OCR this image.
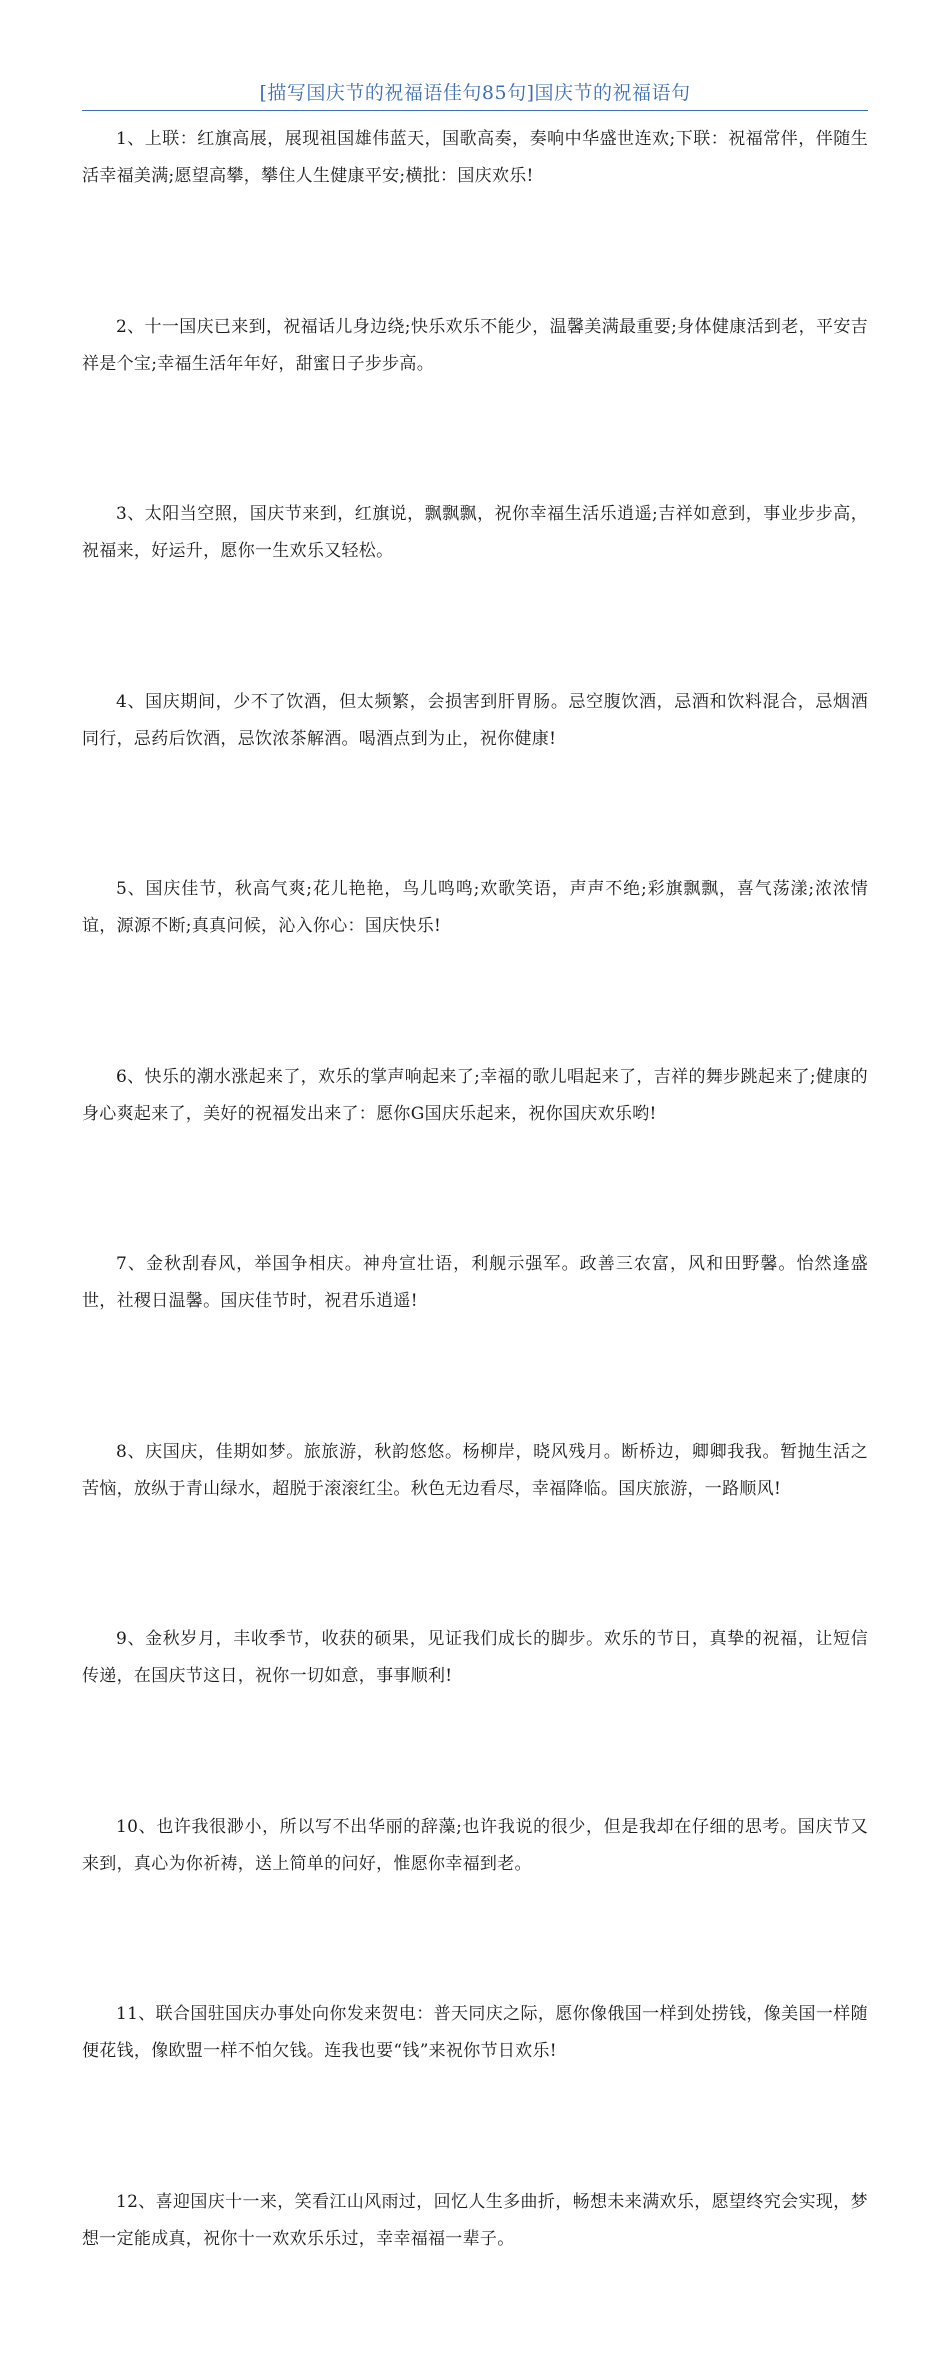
[描写国庆节的祝福语佳句85句]国庆节的祝福语句

1、上联：红旗高展，展现祖国雄伟蓝天，国歌高奏，奏响中华盛世连欢;下联：祝福常伴，伴随生活幸福美满;愿望高攀，攀住人生健康平安;横批：国庆欢乐!

2、十一国庆已来到，祝福话儿身边绕;快乐欢乐不能少，温馨美满最重要;身体健康活到老，平安吉祥是个宝;幸福生活年年好，甜蜜日子步步高。

3、太阳当空照，国庆节来到，红旗说，飘飘飘，祝你幸福生活乐逍遥;吉祥如意到，事业步步高，祝福来，好运升，愿你一生欢乐又轻松。

4、国庆期间，少不了饮酒，但太频繁，会损害到肝胃肠。忌空腹饮酒，忌酒和饮料混合，忌烟酒同行，忌药后饮酒，忌饮浓茶解酒。喝酒点到为止，祝你健康!

5、国庆佳节，秋高气爽;花儿艳艳，鸟儿鸣鸣;欢歌笑语，声声不绝;彩旗飘飘，喜气荡漾;浓浓情谊，源源不断;真真问候，沁入你心：国庆快乐!

6、快乐的潮水涨起来了，欢乐的掌声响起来了;幸福的歌儿唱起来了，吉祥的舞步跳起来了;健康的身心爽起来了，美好的祝福发出来了：愿你G国庆乐起来，祝你国庆欢乐哟!

7、金秋刮春风，举国争相庆。神舟宣壮语，利舰示强军。政善三农富，风和田野馨。怡然逢盛世，社稷日温馨。国庆佳节时，祝君乐逍遥!

8、庆国庆，佳期如梦。旅旅游，秋韵悠悠。杨柳岸，晓风残月。断桥边，卿卿我我。暂抛生活之苦恼，放纵于青山绿水，超脱于滚滚红尘。秋色无边看尽，幸福降临。国庆旅游，一路顺风!

9、金秋岁月，丰收季节，收获的硕果，见证我们成长的脚步。欢乐的节日，真挚的祝福，让短信传递，在国庆节这日，祝你一切如意，事事顺利!

10、也许我很渺小，所以写不出华丽的辞藻;也许我说的很少，但是我却在仔细的思考。国庆节又来到，真心为你祈祷，送上简单的问好，惟愿你幸福到老。

11、联合国驻国庆办事处向你发来贺电：普天同庆之际，愿你像俄国一样到处捞钱，像美国一样随便花钱，像欧盟一样不怕欠钱。连我也要“钱”来祝你节日欢乐!

12、喜迎国庆十一来，笑看江山风雨过，回忆人生多曲折，畅想未来满欢乐，愿望终究会实现，梦想一定能成真，祝你十一欢欢乐乐过，幸幸福福一辈子。
